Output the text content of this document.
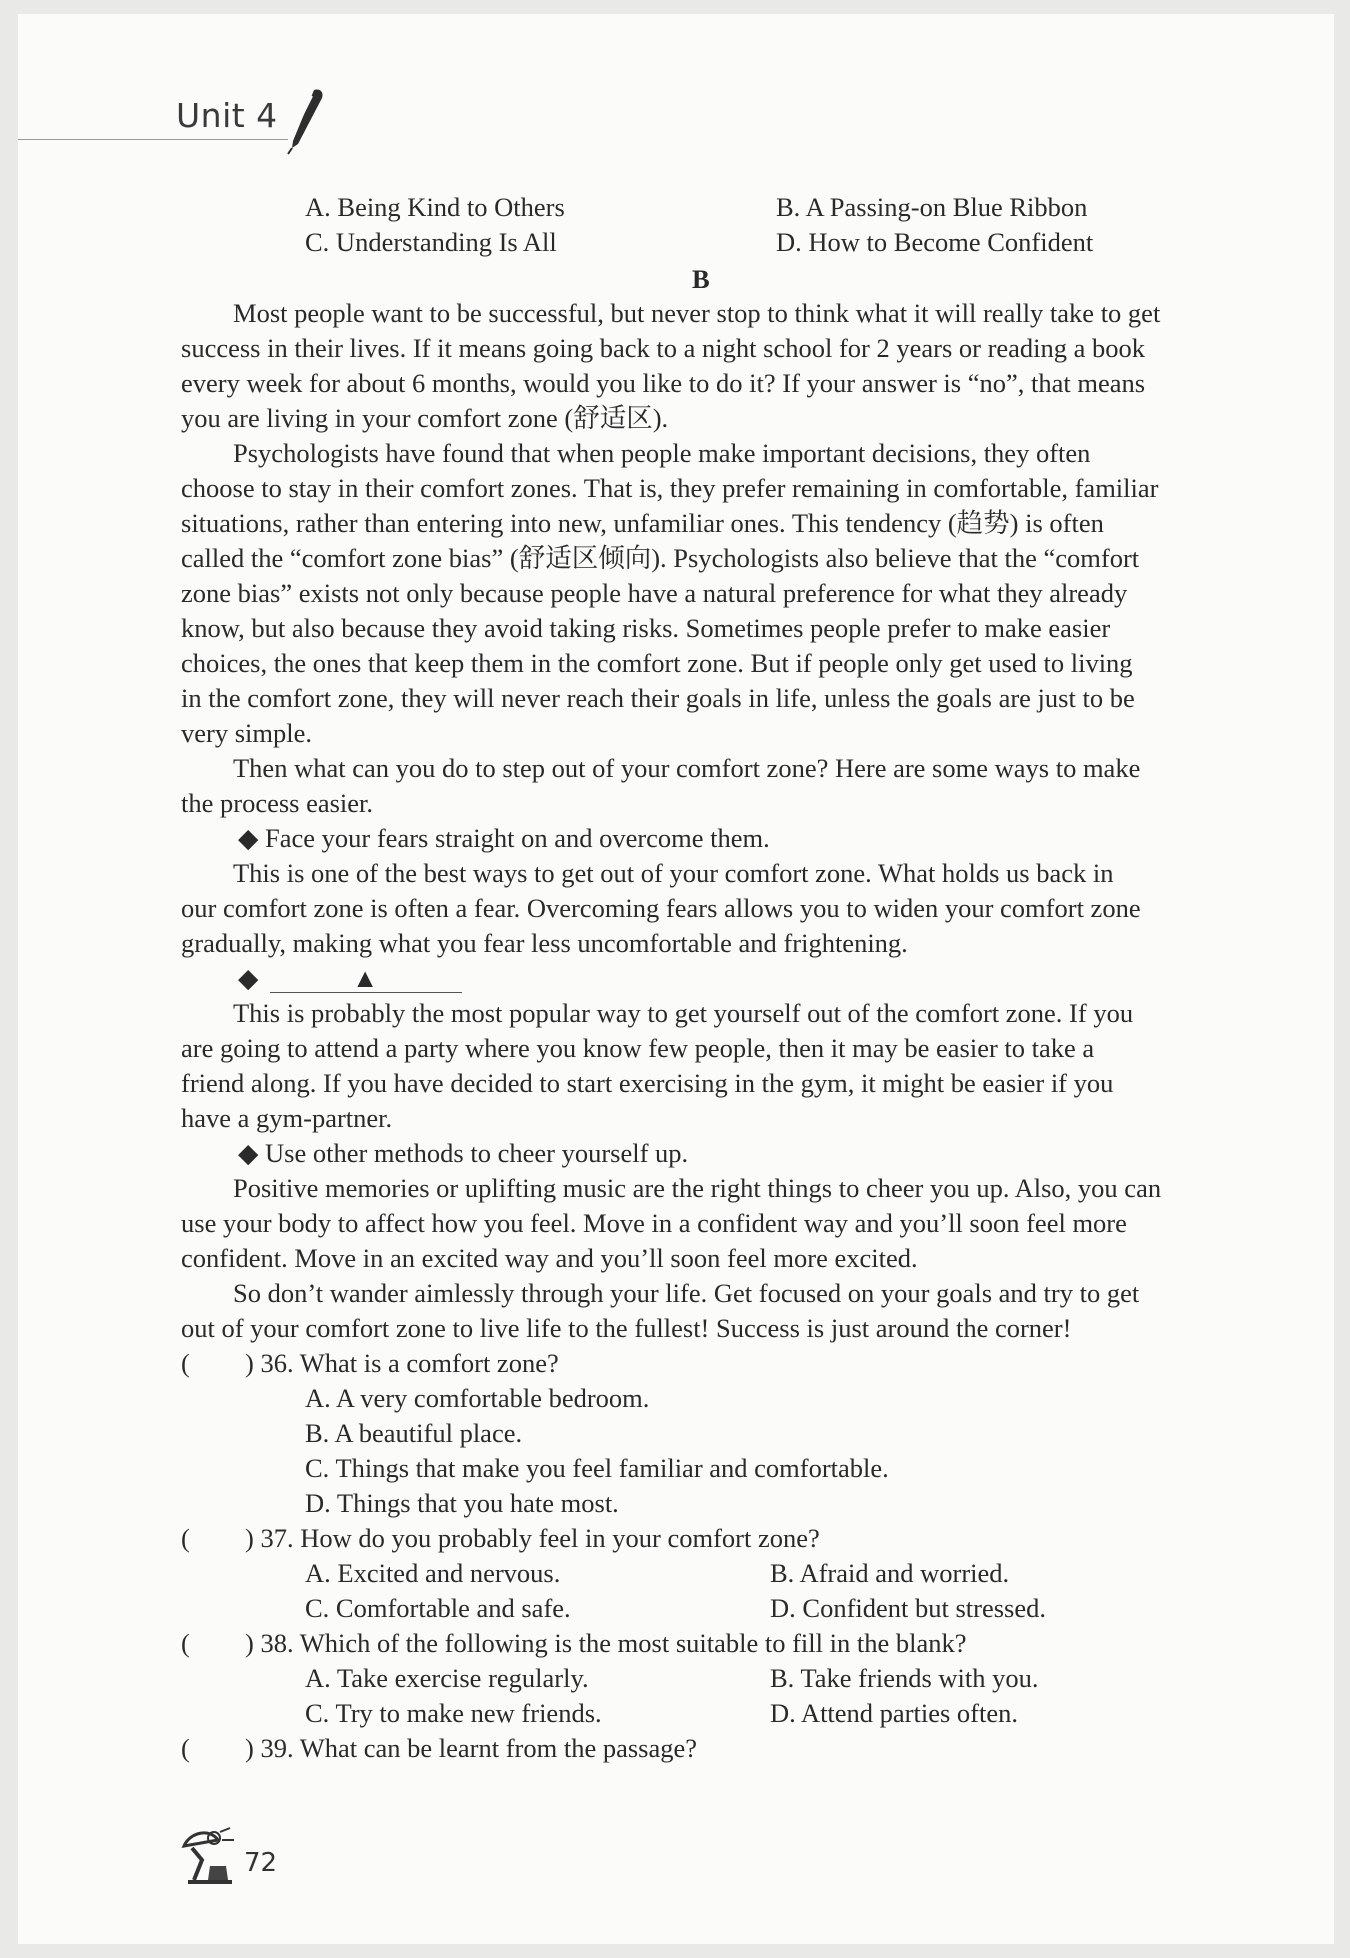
Unit 4
A. Being Kind to Others	B. A Passing-on Blue Ribbon
C. Understanding Is All	D. How to Become Confident
B
Most people want to be successful, but never stop to think what it will really take to get
success in their lives. If it means going back to a night school for 2 years or reading a book
every week for about 6 months, would you like to do it? If your answer is “no”, that means
you are living in your comfort zone (舒适区).
Psychologists have found that when people make important decisions, they often
choose to stay in their comfort zones. That is, they prefer remaining in comfortable, familiar
situations, rather than entering into new, unfamiliar ones. This tendency (趋势) is often
called the “comfort zone bias” (舒适区倾向). Psychologists also believe that the “comfort
zone bias” exists not only because people have a natural preference for what they already
know, but also because they avoid taking risks. Sometimes people prefer to make easier
choices, the ones that keep them in the comfort zone. But if people only get used to living
in the comfort zone, they will never reach their goals in life, unless the goals are just to be
very simple.
Then what can you do to step out of your comfort zone? Here are some ways to make
the process easier.
◆ Face your fears straight on and overcome them.
This is one of the best ways to get out of your comfort zone. What holds us back in
our comfort zone is often a fear. Overcoming fears allows you to widen your comfort zone
gradually, making what you fear less uncomfortable and frightening.
◆	▲
This is probably the most popular way to get yourself out of the comfort zone. If you
are going to attend a party where you know few people, then it may be easier to take a
friend along. If you have decided to start exercising in the gym, it might be easier if you
have a gym-partner.
◆ Use other methods to cheer yourself up.
Positive memories or uplifting music are the right things to cheer you up. Also, you can
use your body to affect how you feel. Move in a confident way and you’ll soon feel more
confident. Move in an excited way and you’ll soon feel more excited.
So don’t wander aimlessly through your life. Get focused on your goals and try to get
out of your comfort zone to live life to the fullest! Success is just around the corner!
( ) 36. What is a comfort zone?
A. A very comfortable bedroom.
B. A beautiful place.
C. Things that make you feel familiar and comfortable.
D. Things that you hate most.
( ) 37. How do you probably feel in your comfort zone?
A. Excited and nervous.	B. Afraid and worried.
C. Comfortable and safe.	D. Confident but stressed.
( ) 38. Which of the following is the most suitable to fill in the blank?
A. Take exercise regularly.	B. Take friends with you.
C. Try to make new friends.	D. Attend parties often.
( ) 39. What can be learnt from the passage?
72
